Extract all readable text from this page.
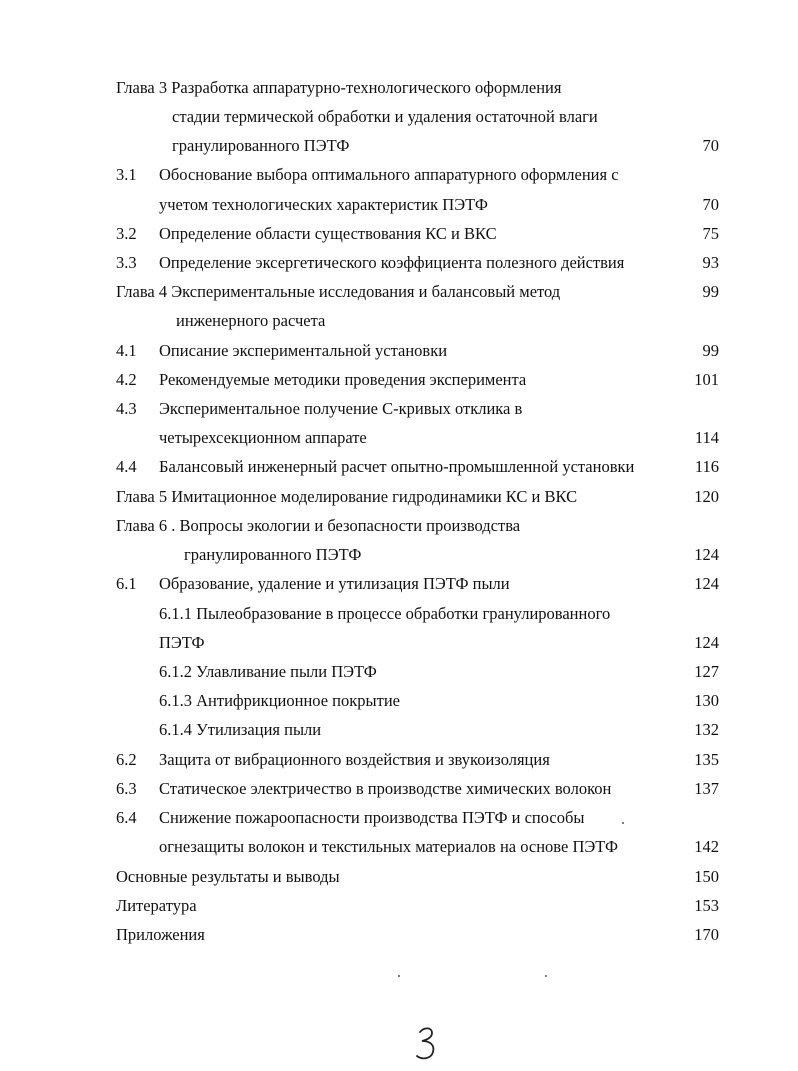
Глава 3 Разработка аппаратурно-технологического оформления
стадии термической обработки и удаления остаточной влаги
гранулированного ПЭТФ	70
3.1 Обоснование выбора оптимального аппаратурного оформления с
учетом технологических характеристик ПЭТФ	70
3.2 Определение области существования КС и ВКС	75
3.3 Определение эксергетического коэффициента полезного действия	93
Глава 4 Экспериментальные исследования и балансовый метод	99
инженерного расчета
4.1 Описание экспериментальной установки	99
4.2 Рекомендуемые методики проведения эксперимента	101
4.3 Экспериментальное получение С-кривых отклика в
четырехсекционном аппарате	114
4.4 Балансовый инженерный расчет опытно-промышленной установки	116
Глава 5 Имитационное моделирование гидродинамики КС и ВКС	120
Глава 6 . Вопросы экологии и безопасности производства
гранулированного ПЭТФ	124
6.1 Образование, удаление и утилизация ПЭТФ пыли	124
6.1.1 Пылеобразование в процессе обработки гранулированного
ПЭТФ	124
6.1.2 Улавливание пыли ПЭТФ	127
6.1.3 Антифрикционное покрытие	130
6.1.4 Утилизация пыли	132
6.2 Защита от вибрационного воздействия и звукоизоляция	135
6.3 Статическое электричество в производстве химических волокон	137
6.4 Снижение пожароопасности производства ПЭТФ и способы
огнезащиты волокон и текстильных материалов на основе ПЭТФ	142
Основные результаты и выводы	150
Литература	153
Приложения	170
